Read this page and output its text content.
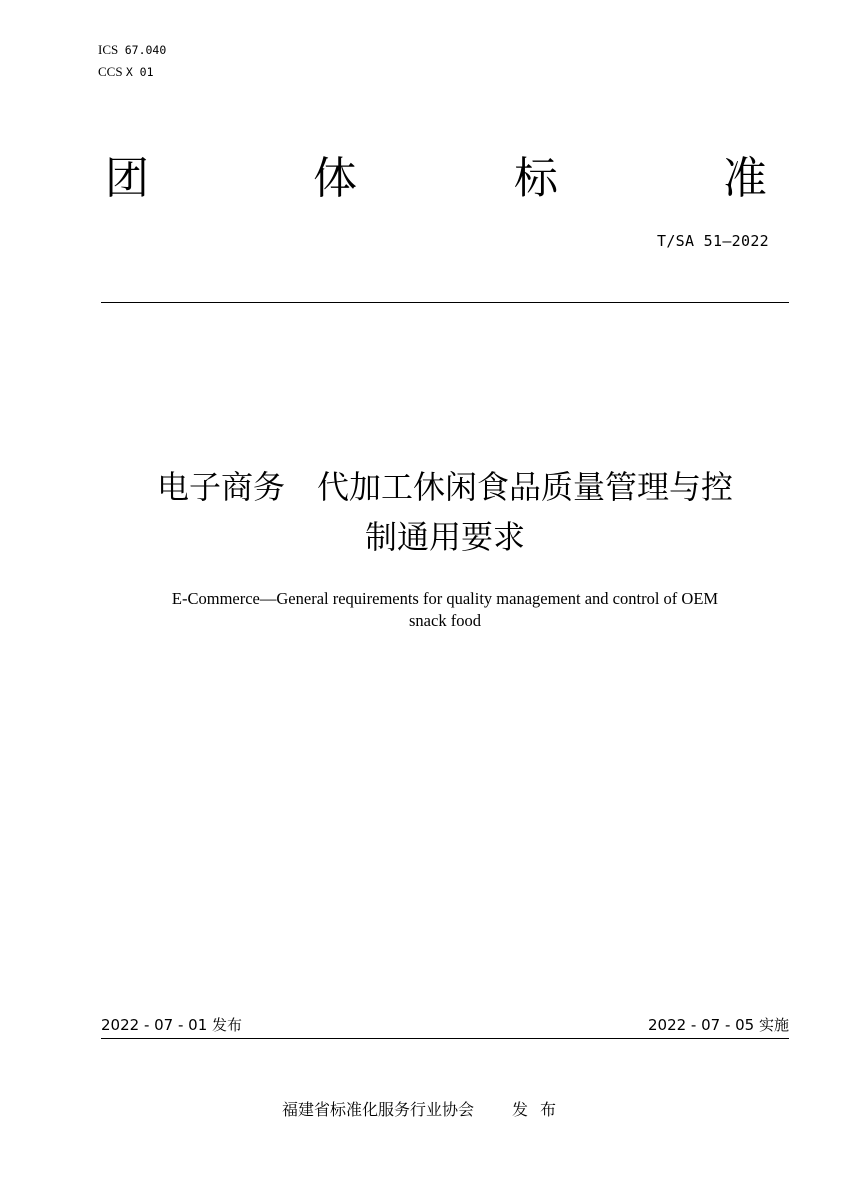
ICS 67.040
CCS X 01
团	体	标	准
T/SA 51—2022
电子商务 代加工休闲食品质量管理与控
制通用要求
E-Commerce—General requirements for quality management and control of OEM
snack food
2022 - 07 - 01 发布	2022 - 07 - 05 实施
福建省标准化服务行业协会 发布
